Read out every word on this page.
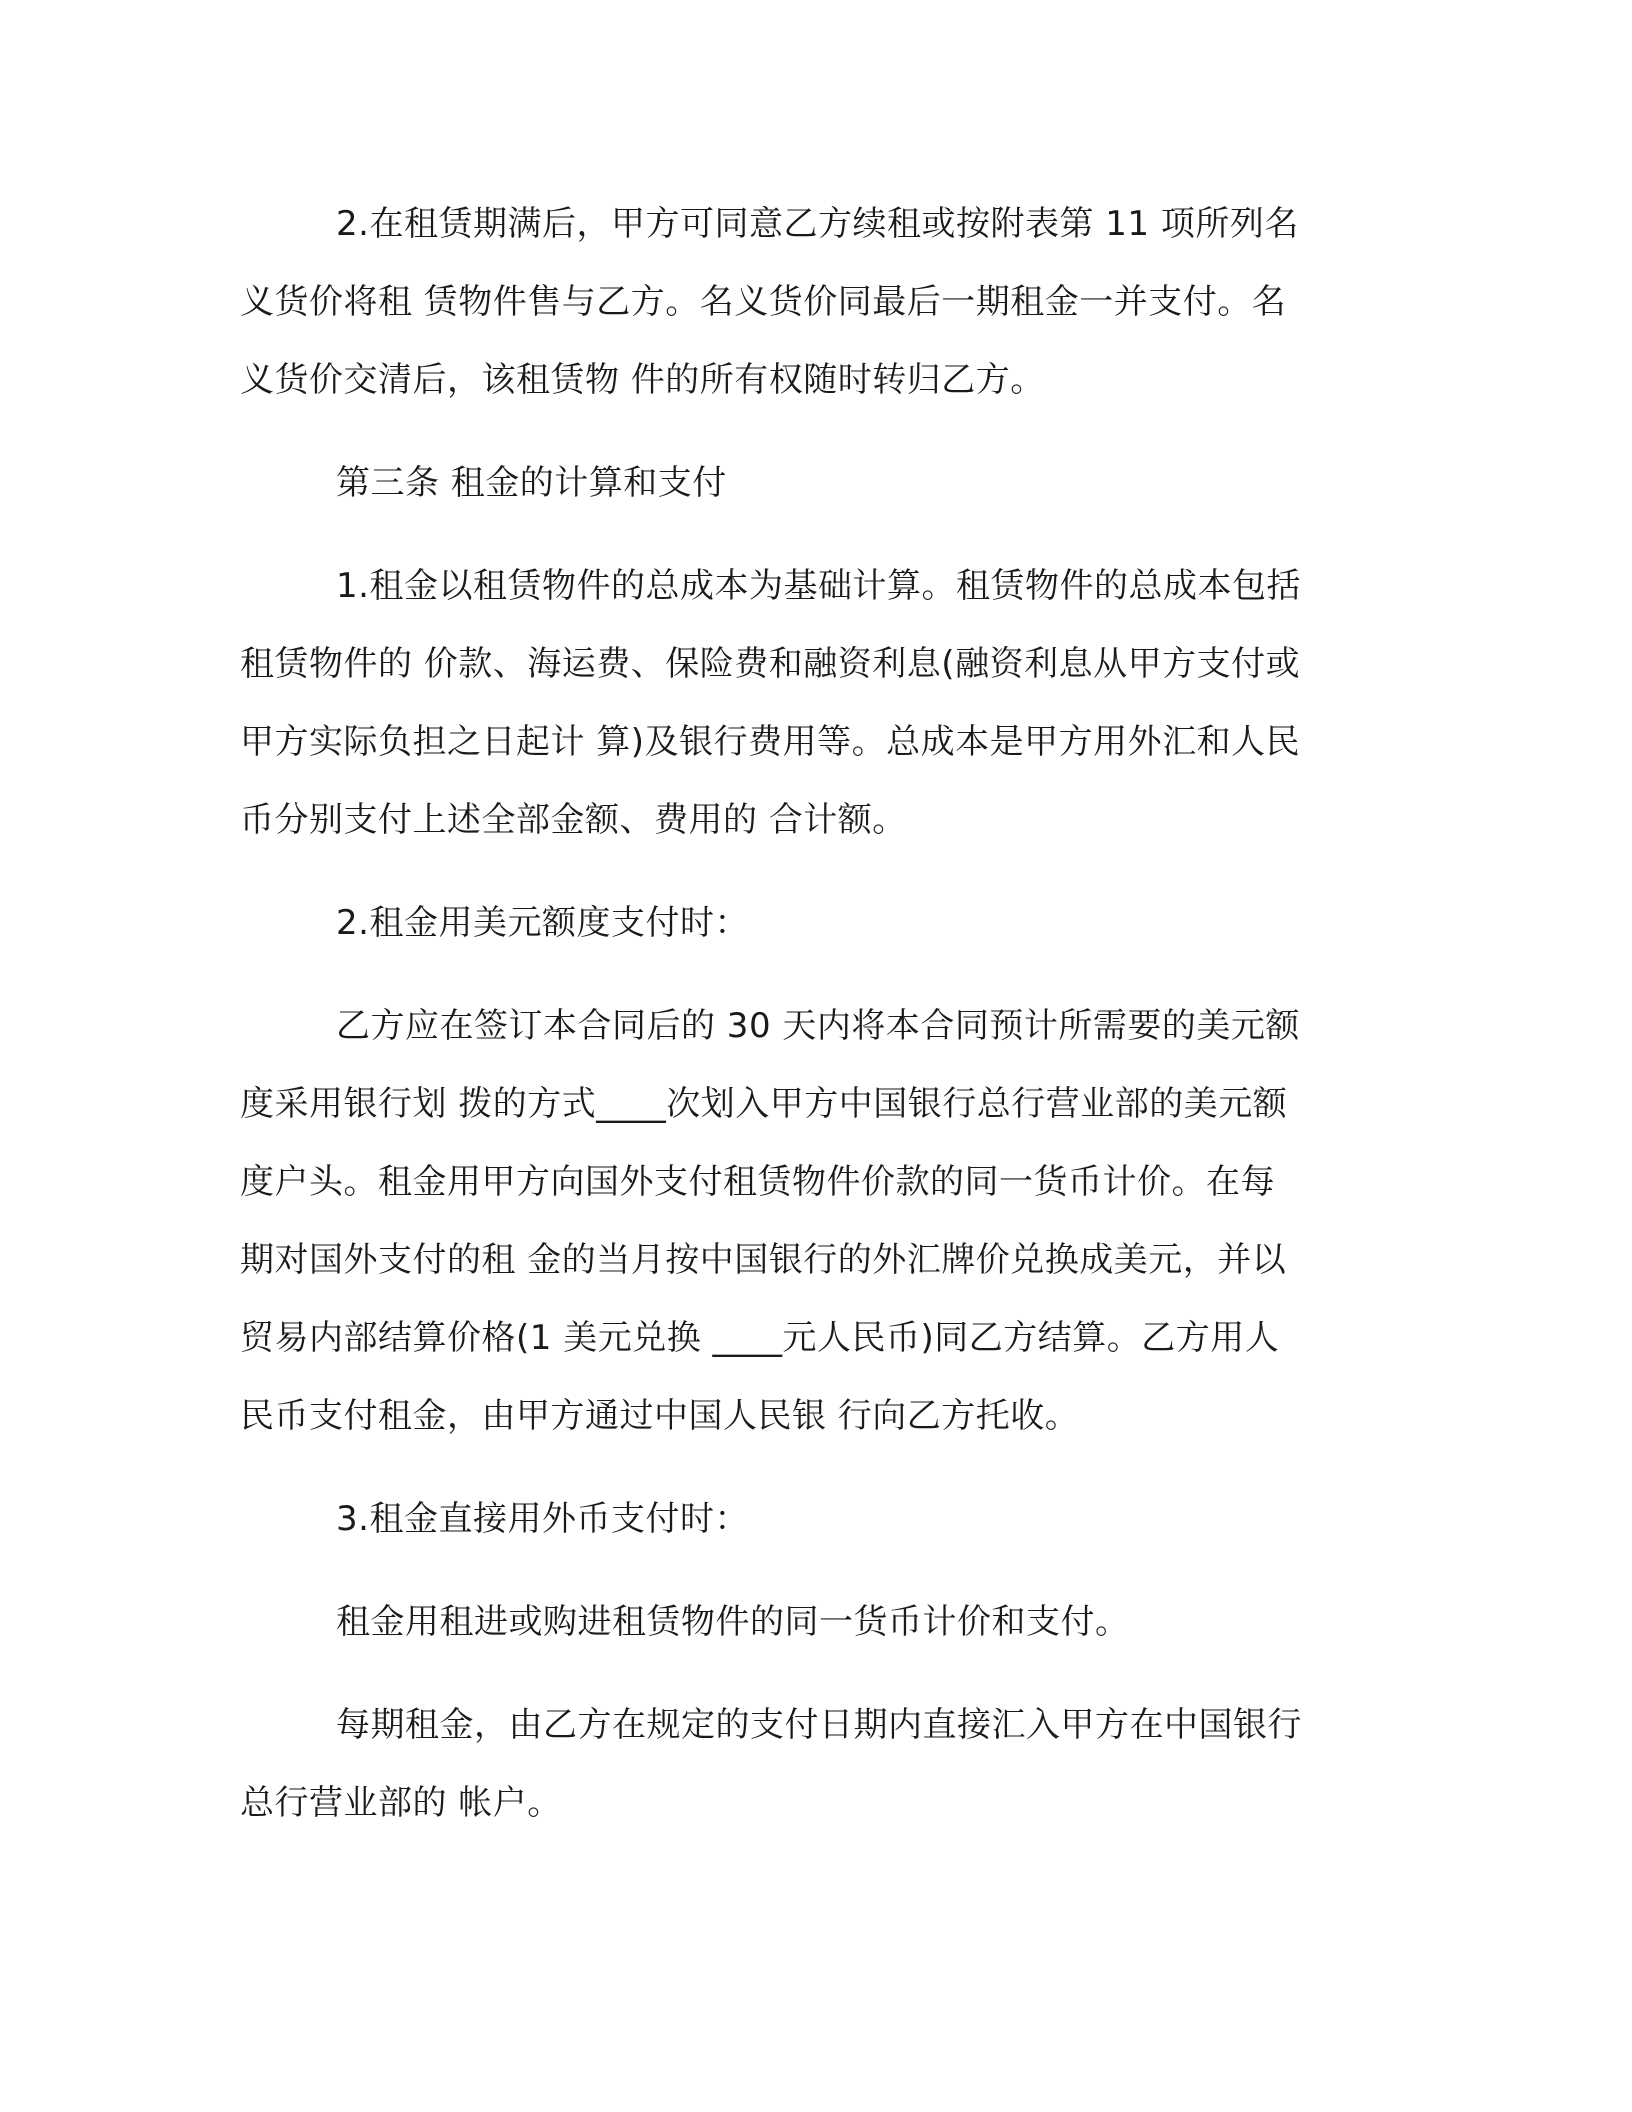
2.在租赁期满后，甲方可同意乙方续租或按附表第 11 项所列名
义货价将租 赁物件售与乙方。名义货价同最后一期租金一并支付。名
义货价交清后，该租赁物 件的所有权随时转归乙方。

第三条 租金的计算和支付

1.租金以租赁物件的总成本为基础计算。租赁物件的总成本包括
租赁物件的 价款、海运费、保险费和融资利息(融资利息从甲方支付或
甲方实际负担之日起计 算)及银行费用等。总成本是甲方用外汇和人民
币分别支付上述全部金额、费用的 合计额。

2.租金用美元额度支付时：

乙方应在签订本合同后的 30 天内将本合同预计所需要的美元额
度采用银行划 拨的方式____次划入甲方中国银行总行营业部的美元额
度户头。租金用甲方向国外支付租赁物件价款的同一货币计价。在每
期对国外支付的租 金的当月按中国银行的外汇牌价兑换成美元，并以
贸易内部结算价格(1 美元兑换 ____元人民币)同乙方结算。乙方用人
民币支付租金，由甲方通过中国人民银 行向乙方托收。

3.租金直接用外币支付时：

租金用租进或购进租赁物件的同一货币计价和支付。

每期租金，由乙方在规定的支付日期内直接汇入甲方在中国银行
总行营业部的 帐户。
